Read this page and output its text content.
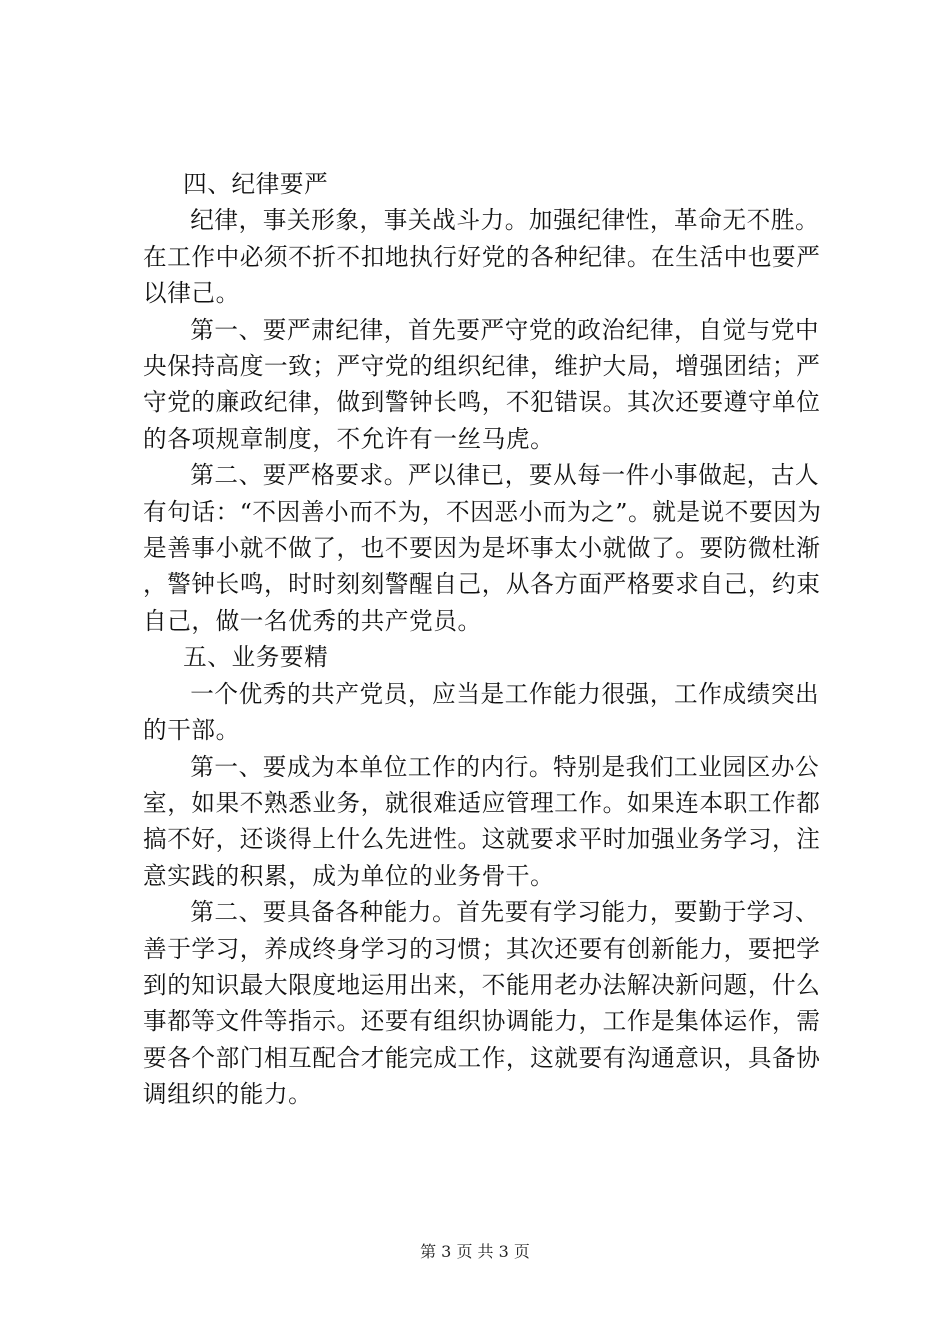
四、纪律要严

纪律，事关形象，事关战斗力。加强纪律性，革命无不胜。在工作中必须不折不扣地执行好党的各种纪律。在生活中也要严以律己。

第一、要严肃纪律，首先要严守党的政治纪律，自觉与党中央保持高度一致；严守党的组织纪律，维护大局，增强团结；严守党的廉政纪律，做到警钟长鸣，不犯错误。其次还要遵守单位的各项规章制度，不允许有一丝马虎。

第二、要严格要求。严以律已，要从每一件小事做起，古人有句话：“不因善小而不为，不因恶小而为之”。就是说不要因为是善事小就不做了，也不要因为是坏事太小就做了。要防微杜渐，警钟长鸣，时时刻刻警醒自己，从各方面严格要求自己，约束自己，做一名优秀的共产党员。

五、业务要精

一个优秀的共产党员，应当是工作能力很强，工作成绩突出的干部。

第一、要成为本单位工作的内行。特别是我们工业园区办公室，如果不熟悉业务，就很难适应管理工作。如果连本职工作都搞不好，还谈得上什么先进性。这就要求平时加强业务学习，注意实践的积累，成为单位的业务骨干。

第二、要具备各种能力。首先要有学习能力，要勤于学习、善于学习，养成终身学习的习惯；其次还要有创新能力，要把学到的知识最大限度地运用出来，不能用老办法解决新问题，什么事都等文件等指示。还要有组织协调能力，工作是集体运作，需要各个部门相互配合才能完成工作，这就要有沟通意识，具备协调组织的能力。

第 3 页 共 3 页
